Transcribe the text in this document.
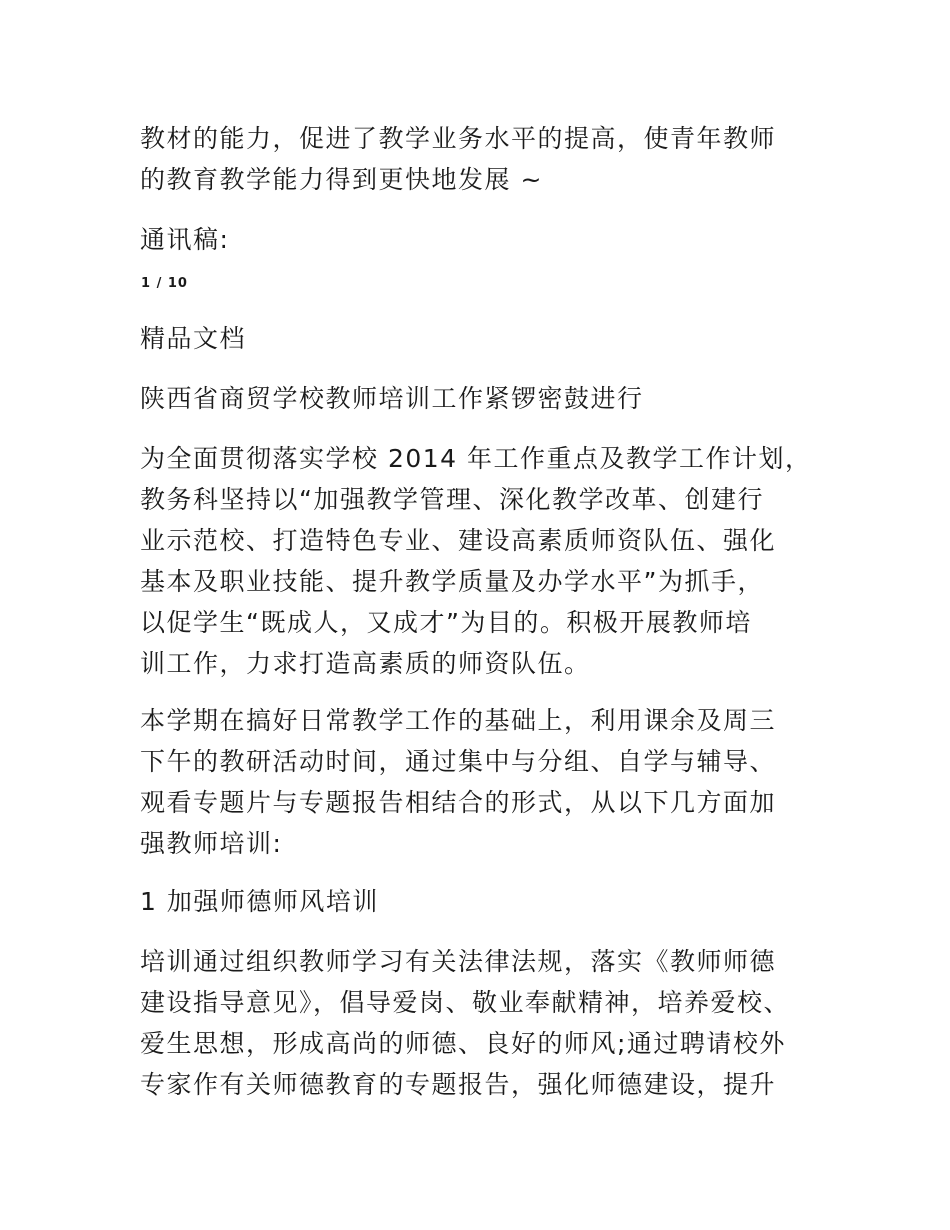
教材的能力，促进了教学业务水平的提高，使青年教师
的教育教学能力得到更快地发展 ~
通讯稿:
1 / 10
精品文档
陕西省商贸学校教师培训工作紧锣密鼓进行
为全面贯彻落实学校 2014 年工作重点及教学工作计划，
教务科坚持以“加强教学管理、深化教学改革、创建行
业示范校、打造特色专业、建设高素质师资队伍、强化
基本及职业技能、提升教学质量及办学水平”为抓手，
以促学生“既成人，又成才”为目的。积极开展教师培
训工作，力求打造高素质的师资队伍。
本学期在搞好日常教学工作的基础上，利用课余及周三
下午的教研活动时间，通过集中与分组、自学与辅导、
观看专题片与专题报告相结合的形式，从以下几方面加
强教师培训:
1 加强师德师风培训
培训通过组织教师学习有关法律法规，落实《教师师德
建设指导意见》，倡导爱岗、敬业奉献精神，培养爱校、
爱生思想，形成高尚的师德、良好的师风;通过聘请校外
专家作有关师德教育的专题报告，强化师德建设，提升
